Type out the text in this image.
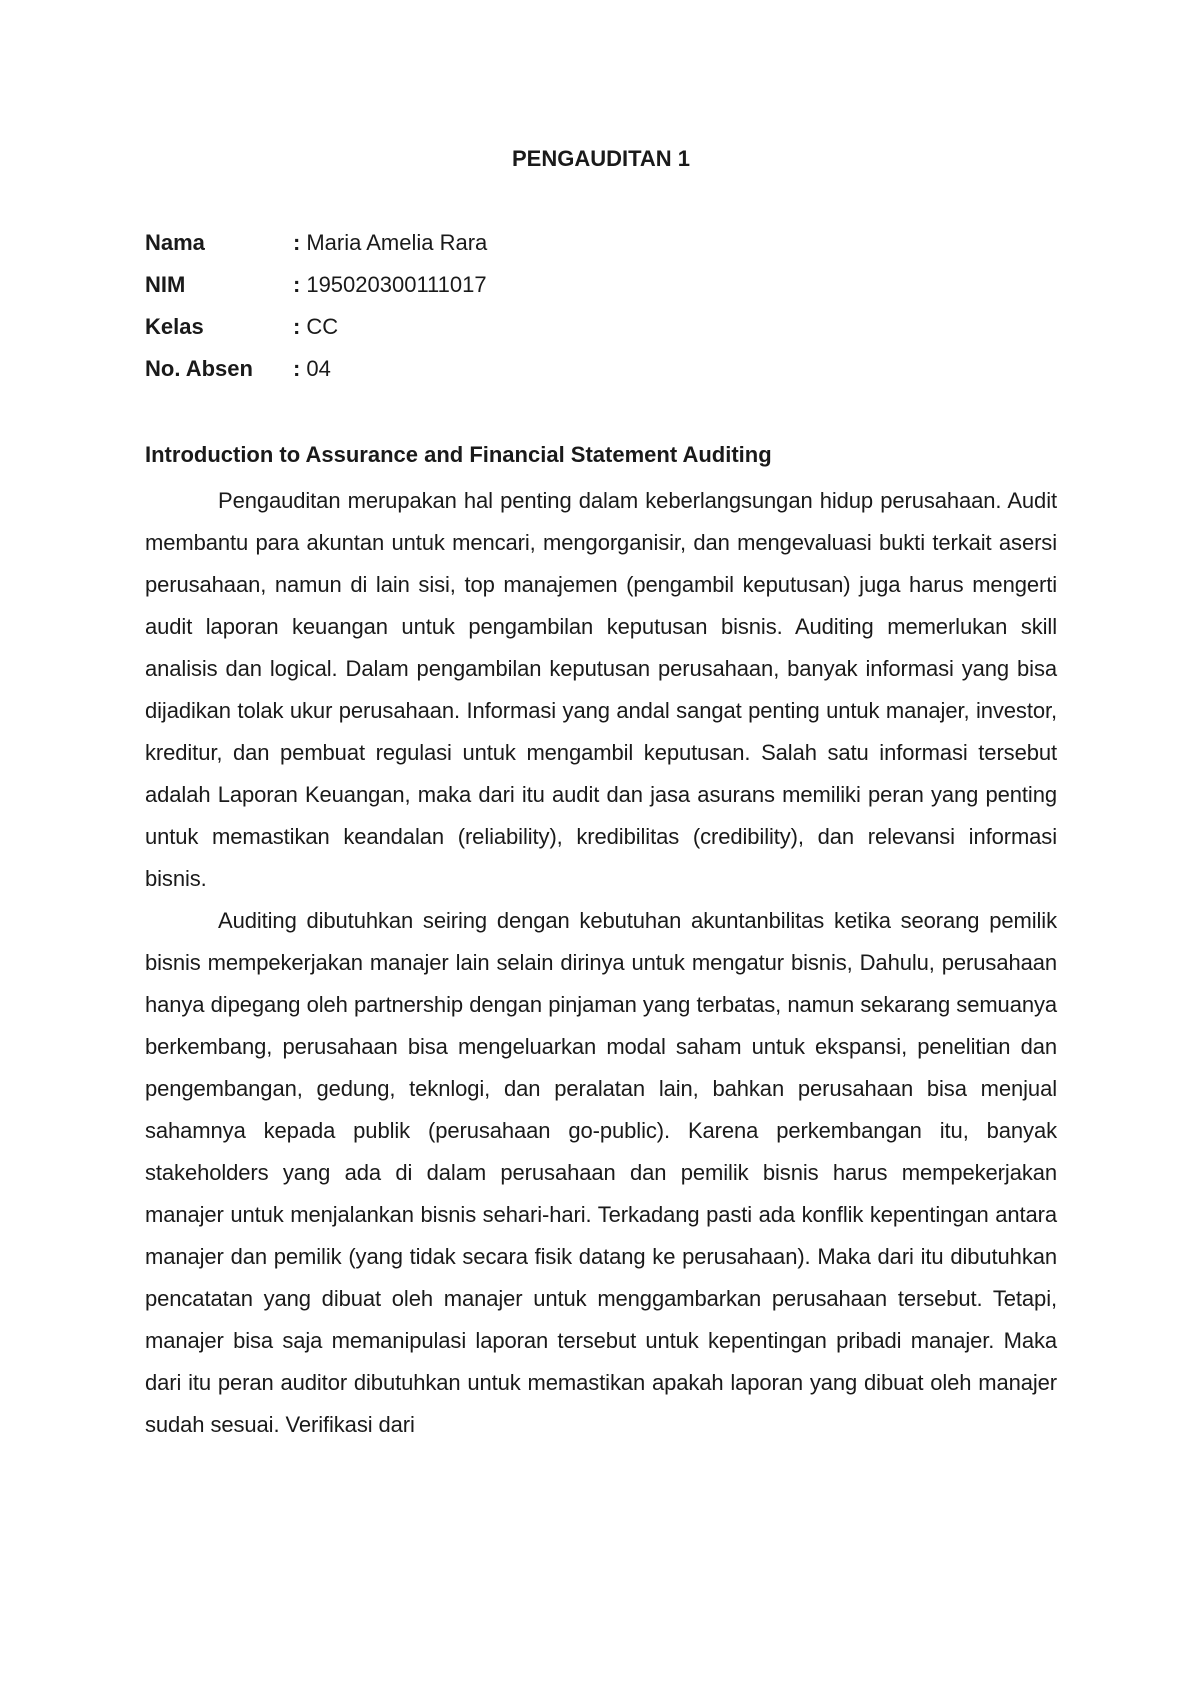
PENGAUDITAN 1
Nama	: Maria Amelia Rara
NIM	: 195020300111017
Kelas	: CC
No. Absen	: 04
Introduction to Assurance and Financial Statement Auditing

Pengauditan merupakan hal penting dalam keberlangsungan hidup perusahaan. Audit membantu para akuntan untuk mencari, mengorganisir, dan mengevaluasi bukti terkait asersi perusahaan, namun di lain sisi, top manajemen (pengambil keputusan) juga harus mengerti audit laporan keuangan untuk pengambilan keputusan bisnis. Auditing memerlukan skill analisis dan logical. Dalam pengambilan keputusan perusahaan, banyak informasi yang bisa dijadikan tolak ukur perusahaan. Informasi yang andal sangat penting untuk manajer, investor, kreditur, dan pembuat regulasi untuk mengambil keputusan. Salah satu informasi tersebut adalah Laporan Keuangan, maka dari itu audit dan jasa asurans memiliki peran yang penting untuk memastikan keandalan (reliability), kredibilitas (credibility), dan relevansi informasi bisnis.

Auditing dibutuhkan seiring dengan kebutuhan akuntanbilitas ketika seorang pemilik bisnis mempekerjakan manajer lain selain dirinya untuk mengatur bisnis, Dahulu, perusahaan hanya dipegang oleh partnership dengan pinjaman yang terbatas, namun sekarang semuanya berkembang, perusahaan bisa mengeluarkan modal saham untuk ekspansi, penelitian dan pengembangan, gedung, teknlogi, dan peralatan lain, bahkan perusahaan bisa menjual sahamnya kepada publik (perusahaan go-public). Karena perkembangan itu, banyak stakeholders yang ada di dalam perusahaan dan pemilik bisnis harus mempekerjakan manajer untuk menjalankan bisnis sehari-hari. Terkadang pasti ada konflik kepentingan antara manajer dan pemilik (yang tidak secara fisik datang ke perusahaan). Maka dari itu dibutuhkan pencatatan yang dibuat oleh manajer untuk menggambarkan perusahaan tersebut. Tetapi, manajer bisa saja memanipulasi laporan tersebut untuk kepentingan pribadi manajer. Maka dari itu peran auditor dibutuhkan untuk memastikan apakah laporan yang dibuat oleh manajer sudah sesuai. Verifikasi dari
